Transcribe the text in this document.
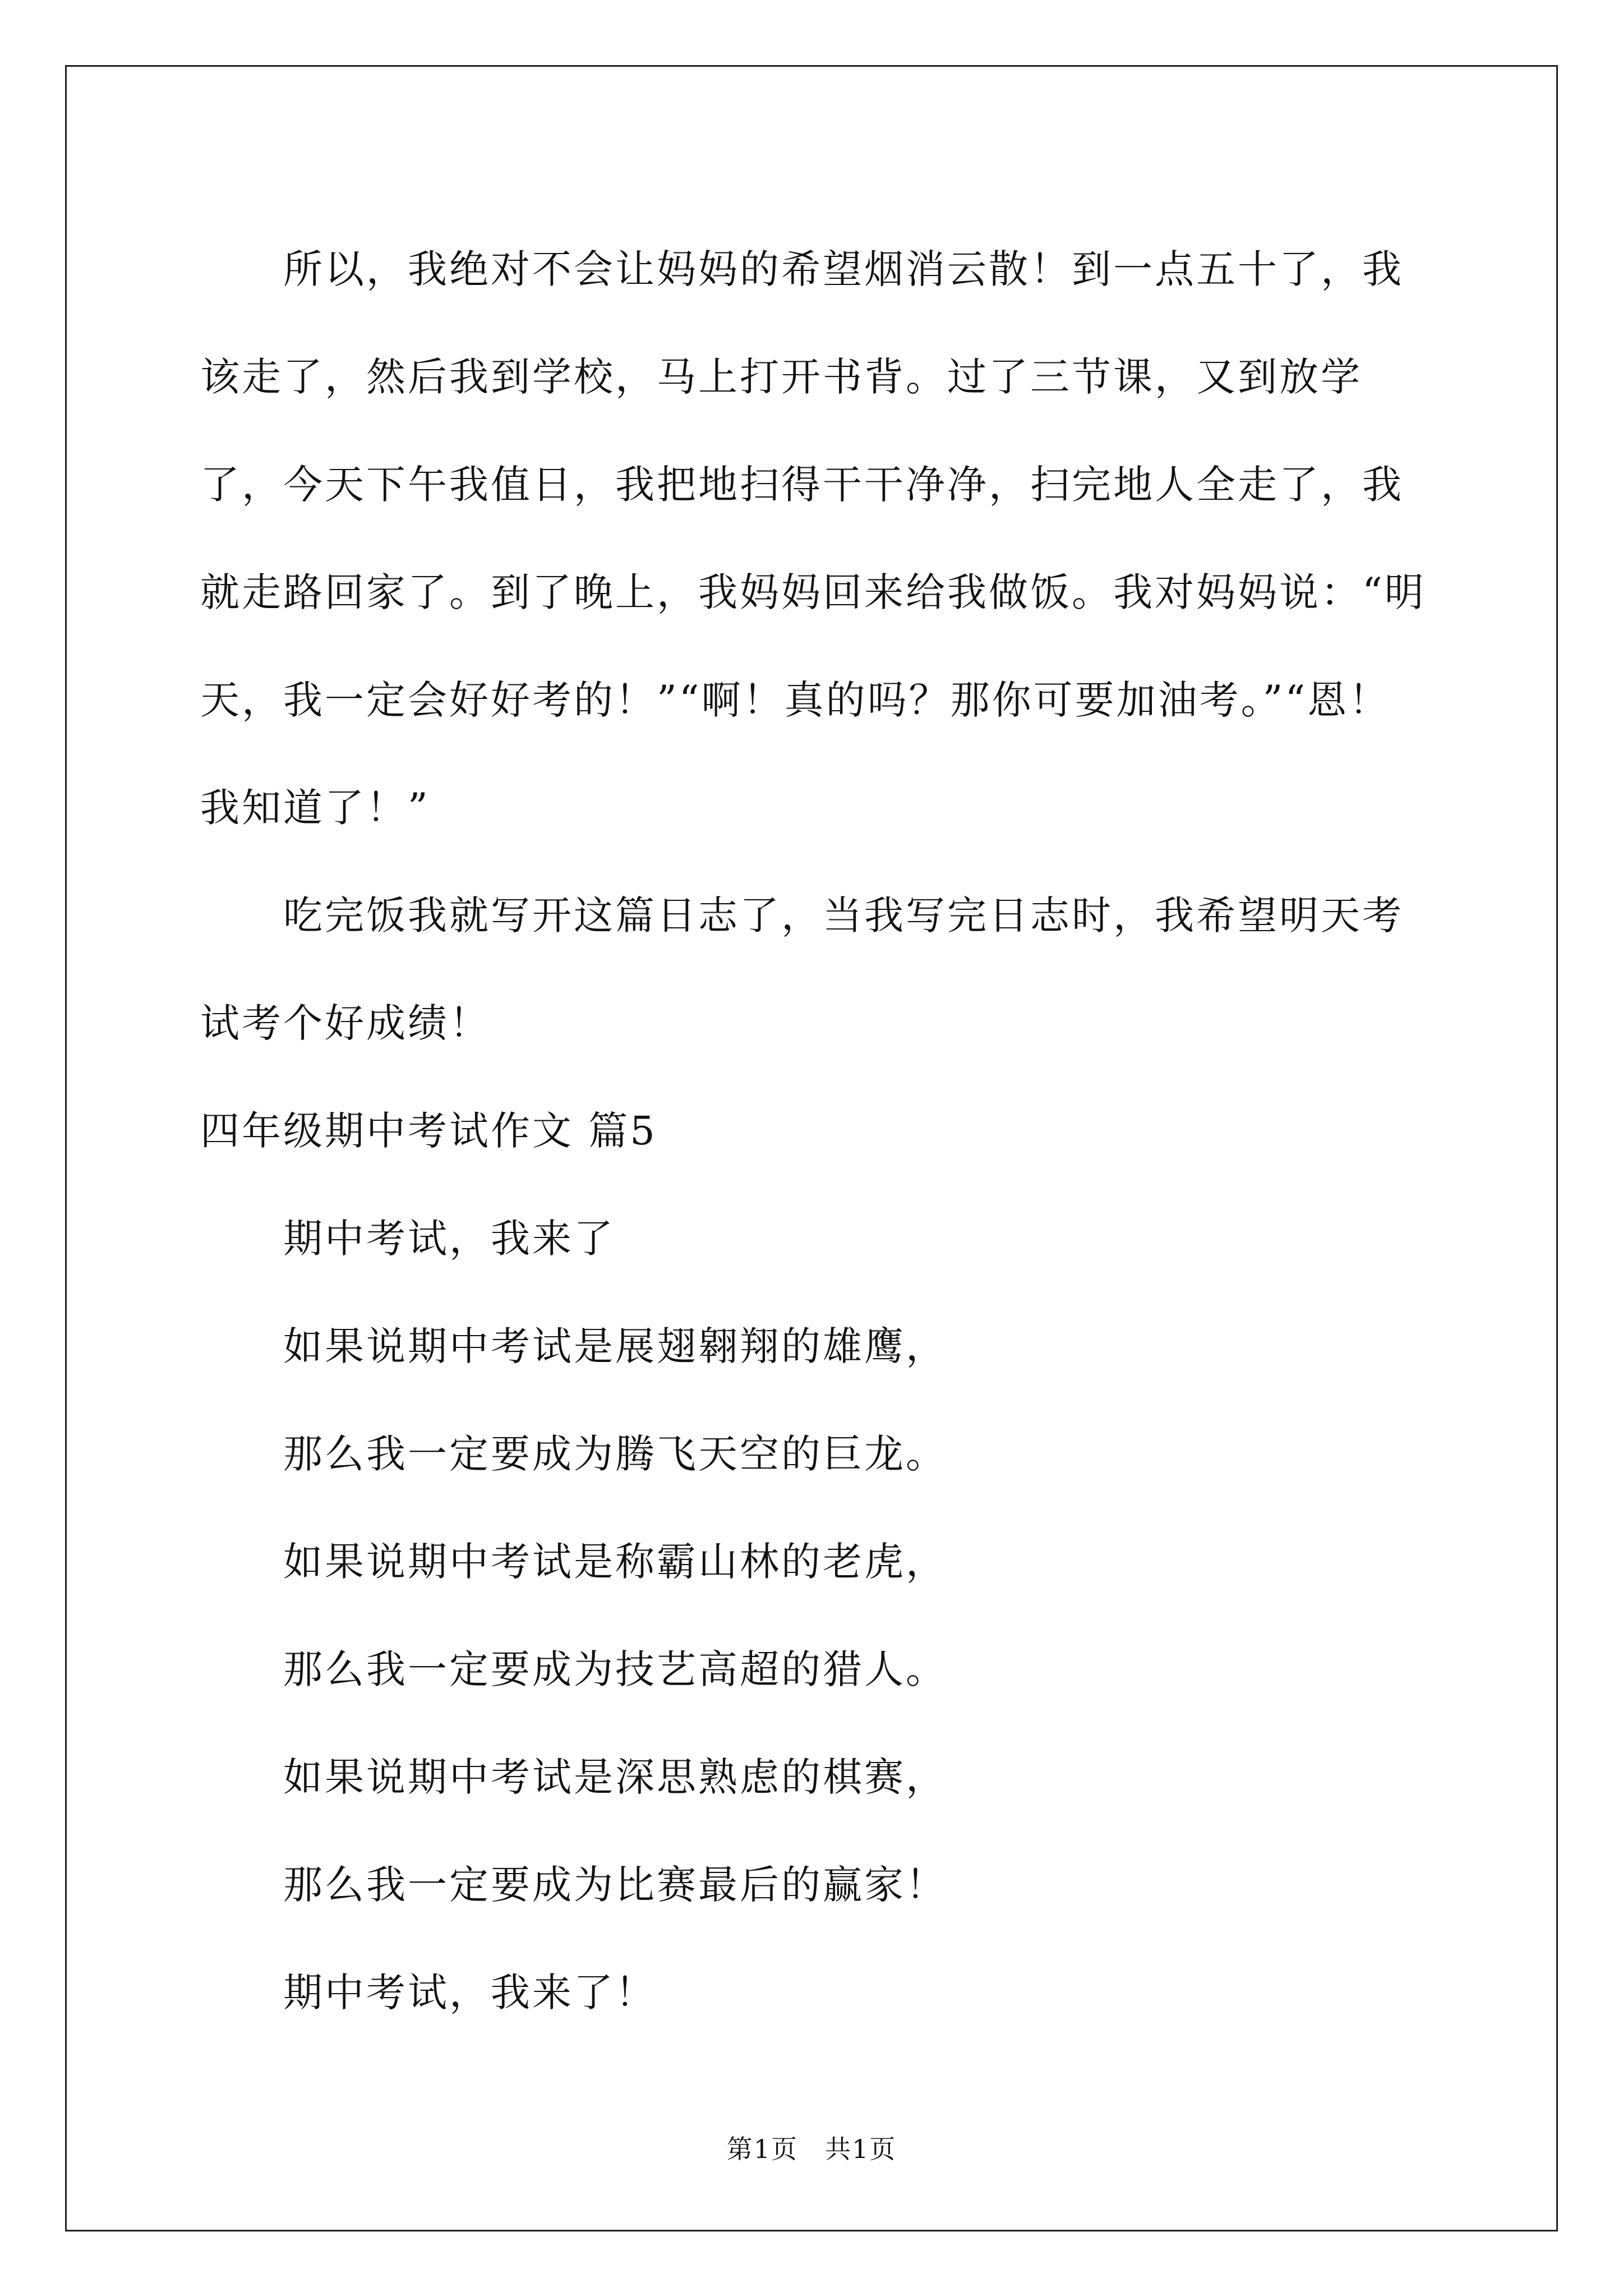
所以，我绝对不会让妈妈的希望烟消云散！到一点五十了，我该走了，然后我到学校，马上打开书背。过了三节课，又到放学了，今天下午我值日，我把地扫得干干净净，扫完地人全走了，我就走路回家了。到了晚上，我妈妈回来给我做饭。我对妈妈说：“明天，我一定会好好考的！”“啊！真的吗？那你可要加油考。”“恩！我知道了！”

吃完饭我就写开这篇日志了，当我写完日志时，我希望明天考试考个好成绩！

四年级期中考试作文 篇5

期中考试，我来了

如果说期中考试是展翅翱翔的雄鹰，

那么我一定要成为腾飞天空的巨龙。

如果说期中考试是称霸山林的老虎，

那么我一定要成为技艺高超的猎人。

如果说期中考试是深思熟虑的棋赛，

那么我一定要成为比赛最后的赢家！

期中考试，我来了！

第1页　共1页
